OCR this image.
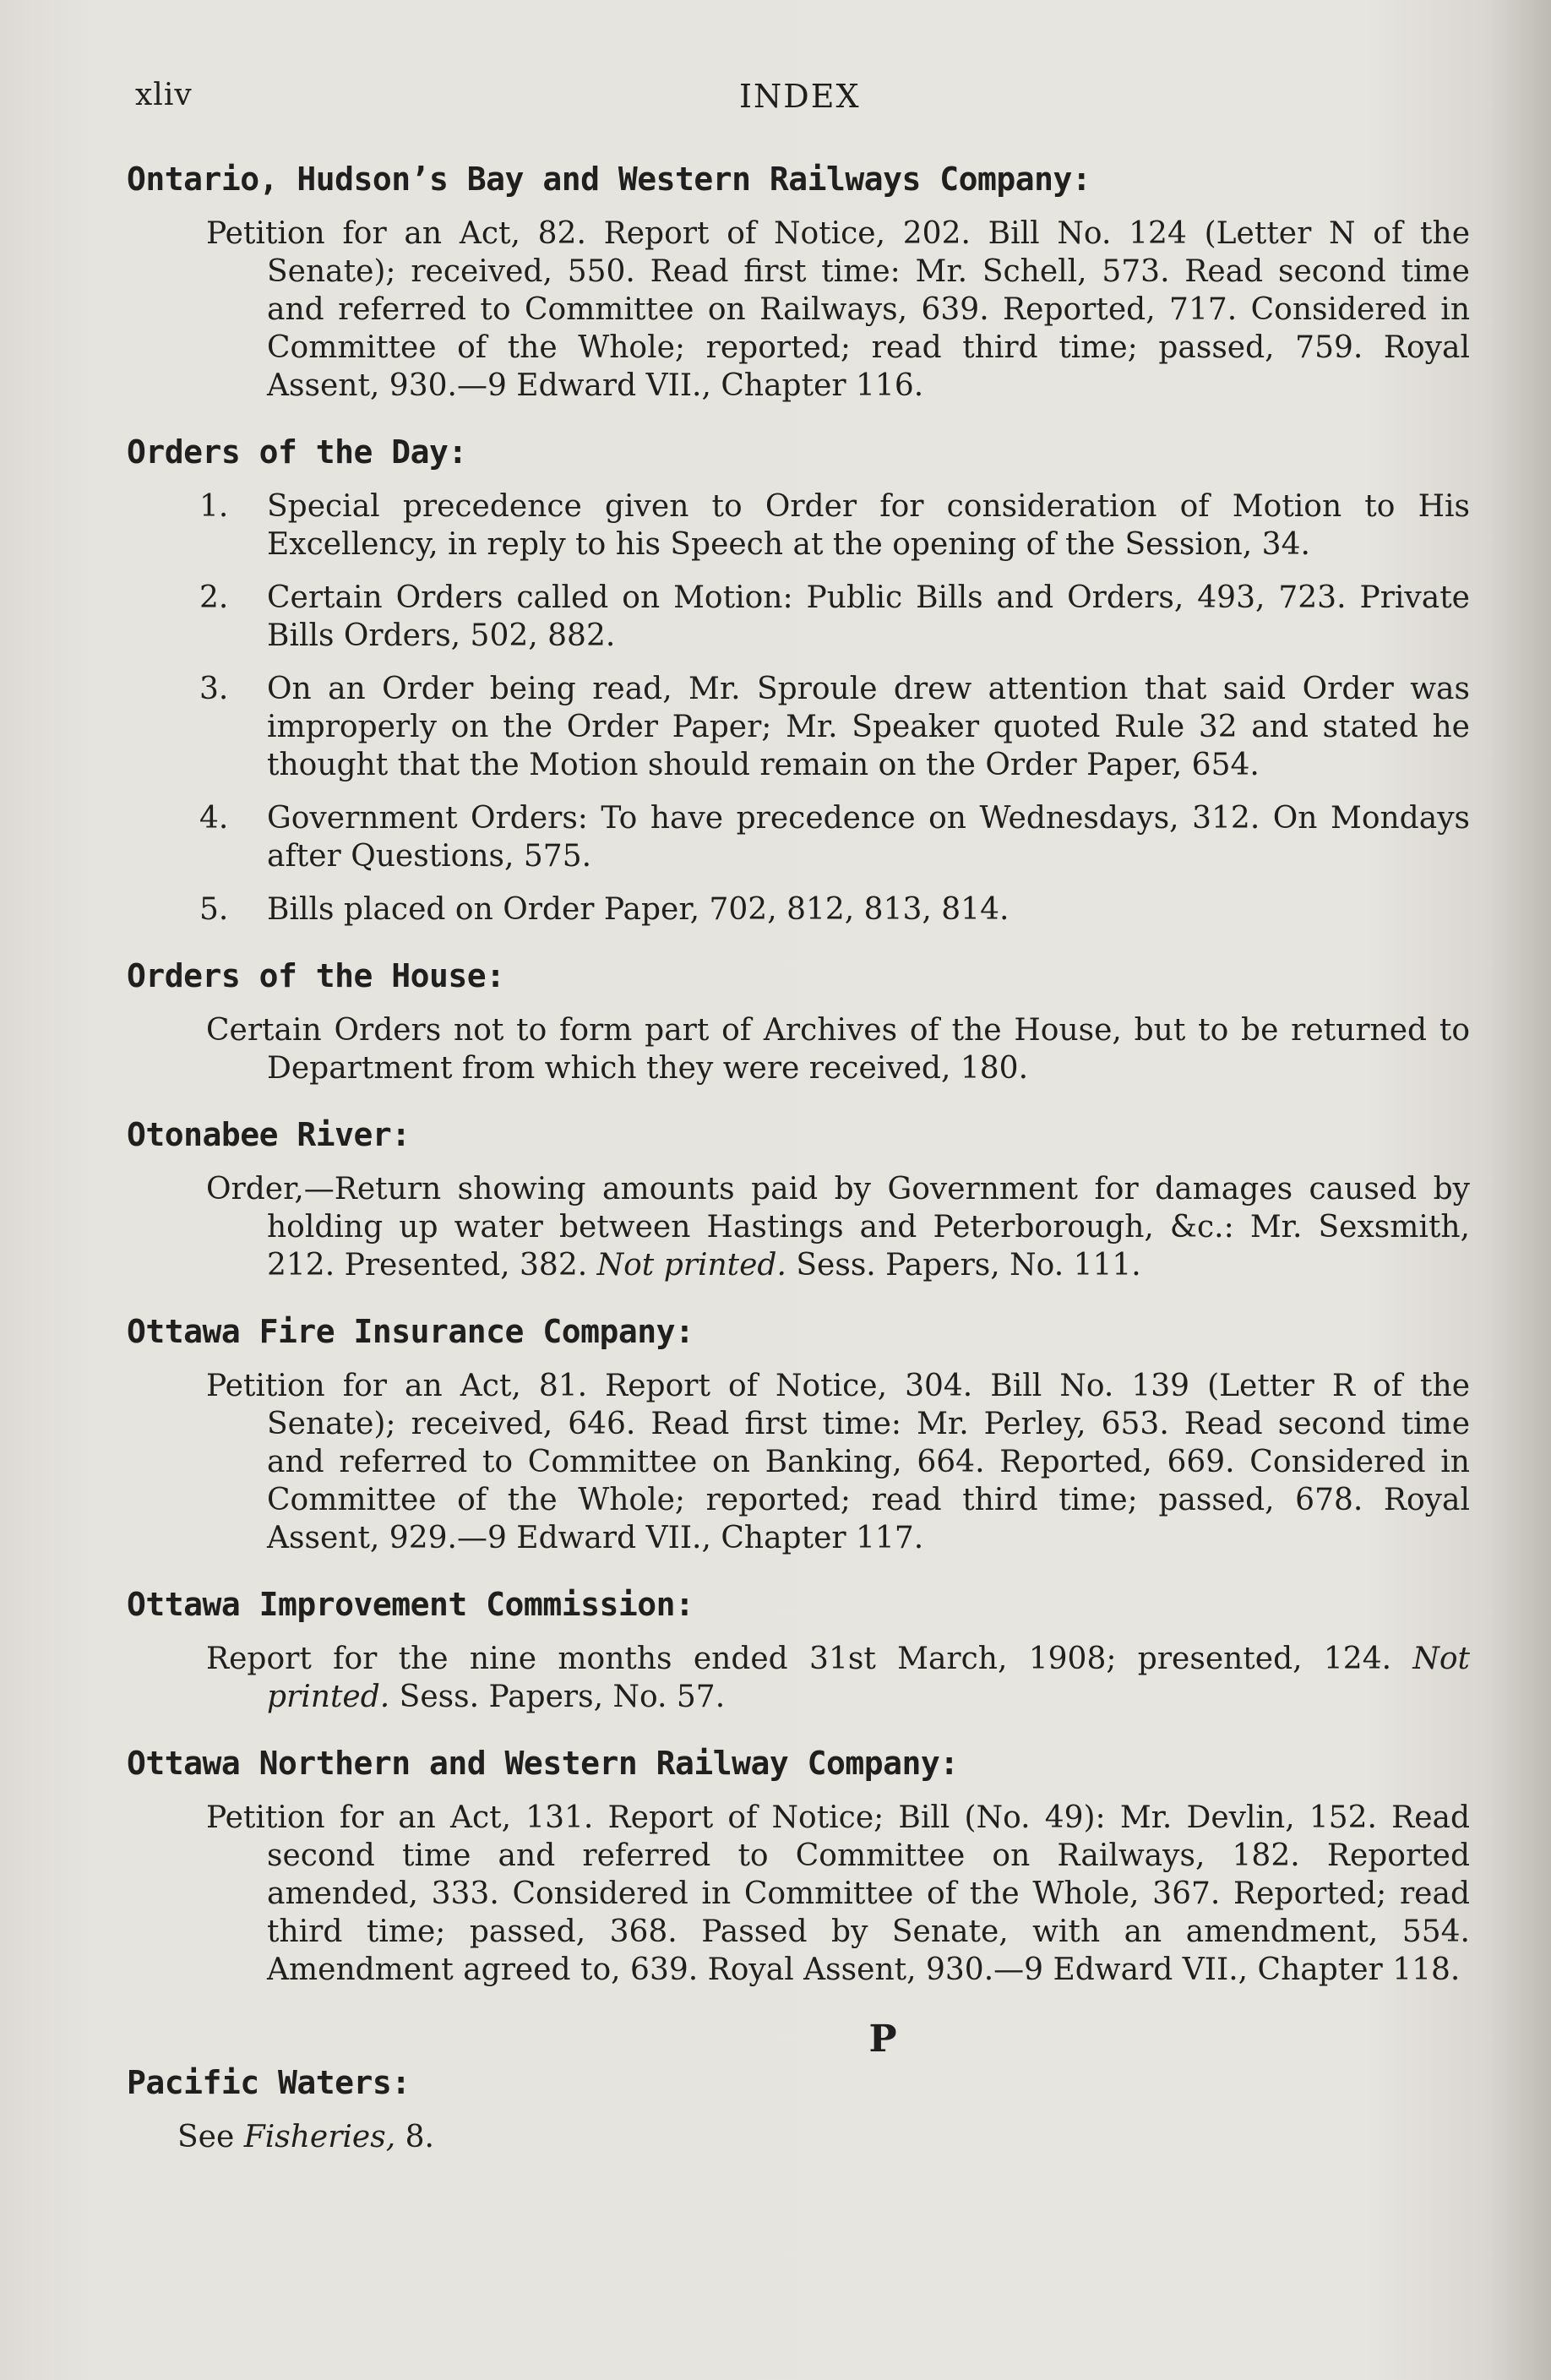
xliv	INDEX
Ontario, Hudson’s Bay and Western Railways Company:
Petition for an Act, 82. Report of Notice, 202. Bill No. 124 (Letter N of the Senate); received, 550. Read first time: Mr. Schell, 573. Read second time and referred to Committee on Railways, 639. Reported, 717. Considered in Committee of the Whole; reported; read third time; passed, 759. Royal Assent, 930.—9 Edward VII., Chapter 116.
Orders of the Day:
1.	Special precedence given to Order for consideration of Motion to His Excellency, in reply to his Speech at the opening of the Session, 34.
2.	Certain Orders called on Motion: Public Bills and Orders, 493, 723. Private Bills Orders, 502, 882.
3.	On an Order being read, Mr. Sproule drew attention that said Order was improperly on the Order Paper; Mr. Speaker quoted Rule 32 and stated he thought that the Motion should remain on the Order Paper, 654.
4.	Government Orders: To have precedence on Wednesdays, 312. On Mondays after Questions, 575.
5.	Bills placed on Order Paper, 702, 812, 813, 814.
Orders of the House:
Certain Orders not to form part of Archives of the House, but to be returned to Department from which they were received, 180.
Otonabee River:
Order,—Return showing amounts paid by Government for damages caused by holding up water between Hastings and Peterborough, &c.: Mr. Sexsmith, 212. Presented, 382. Not printed. Sess. Papers, No. 111.
Ottawa Fire Insurance Company:
Petition for an Act, 81. Report of Notice, 304. Bill No. 139 (Letter R of the Senate); received, 646. Read first time: Mr. Perley, 653. Read second time and referred to Committee on Banking, 664. Reported, 669. Considered in Committee of the Whole; reported; read third time; passed, 678. Royal Assent, 929.—9 Edward VII., Chapter 117.
Ottawa Improvement Commission:
Report for the nine months ended 31st March, 1908; presented, 124. Not printed. Sess. Papers, No. 57.
Ottawa Northern and Western Railway Company:
Petition for an Act, 131. Report of Notice; Bill (No. 49): Mr. Devlin, 152. Read second time and referred to Committee on Railways, 182. Reported amended, 333. Considered in Committee of the Whole, 367. Reported; read third time; passed, 368. Passed by Senate, with an amendment, 554. Amendment agreed to, 639. Royal Assent, 930.—9 Edward VII., Chapter 118.
P
Pacific Waters:
See Fisheries, 8.
